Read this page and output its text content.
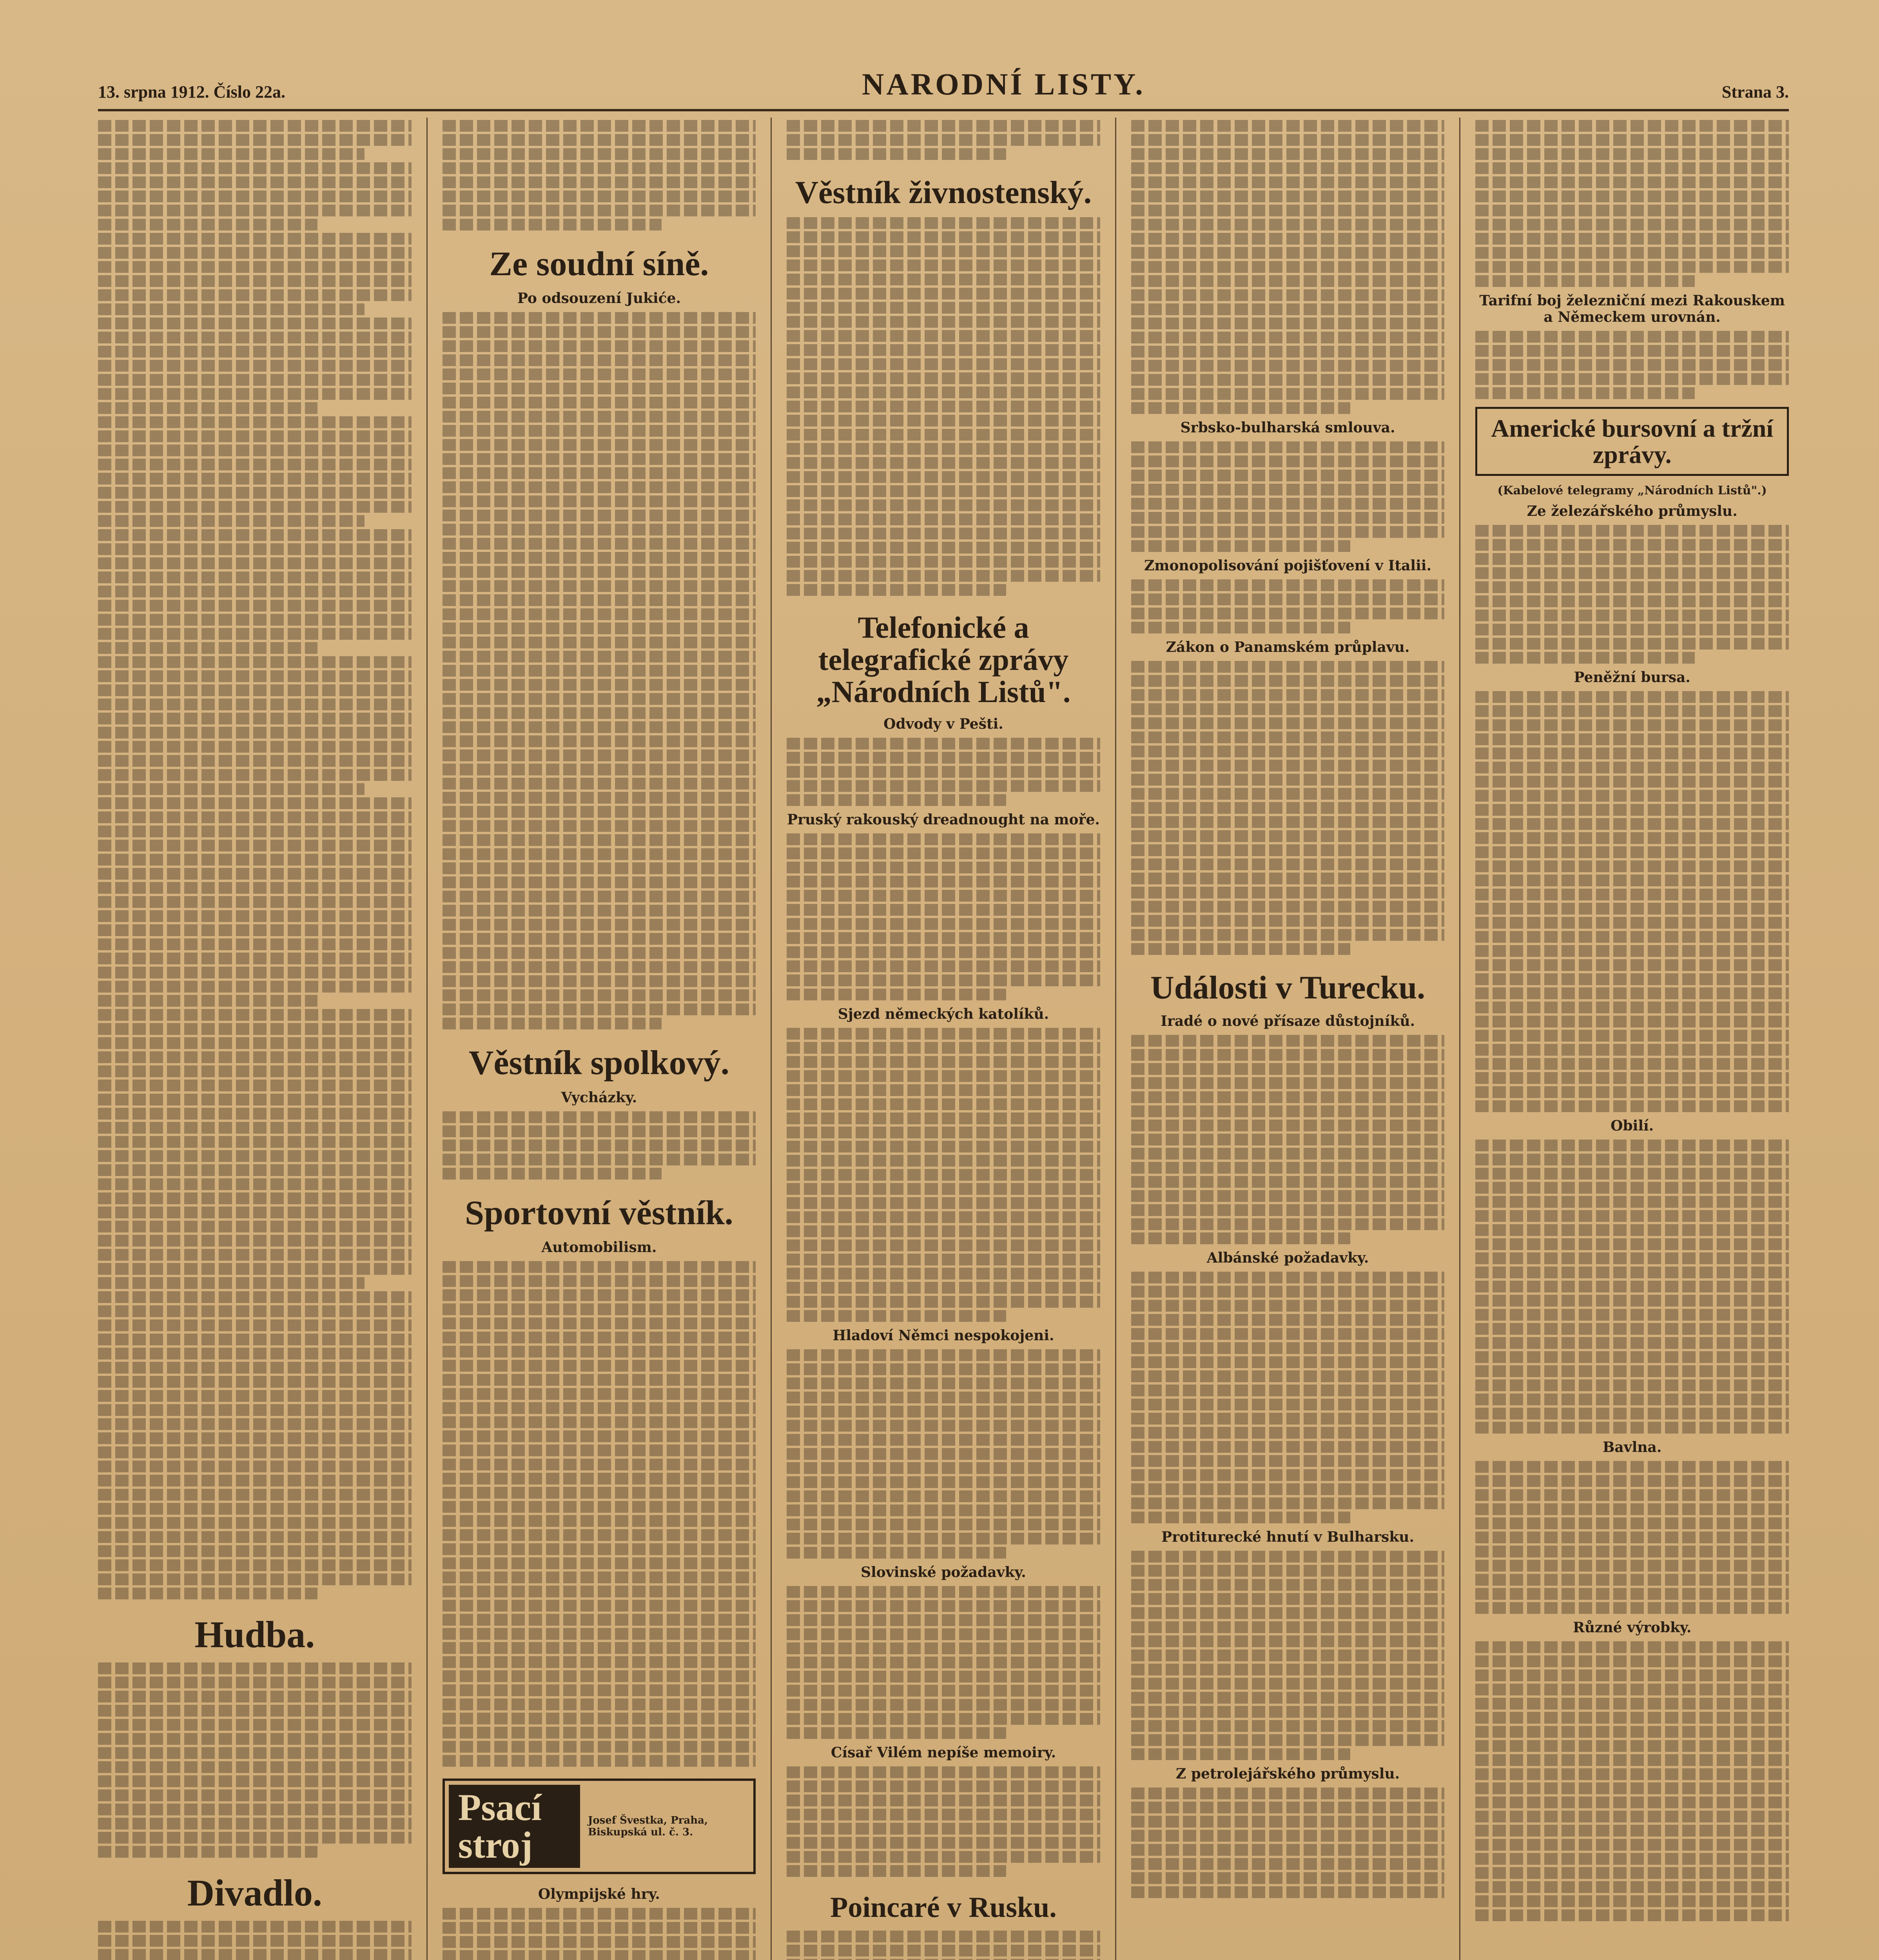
13. srpna 1912. Číslo 22a.	NARODNÍ LISTY.	Strana 3.
Hudba.
Divadlo.
Ze soudní síně.
Po odsouzení Jukiće.
Věstník spolkový.
Vycházky.
Sportovní věstník.
Automobilism.
Psací stroj
Josef Švestka, Praha, Biskupská ul. č. 3.
Olympijské hry.
Věstník živnostenský.
Telefonické a telegrafické zprávy „Národních Listů".
Odvody v Pešti.
Pruský rakouský dreadnought na moře.
Sjezd německých katolíků.
Hladoví Němci nespokojeni.
Slovinské požadavky.
Císař Vilém nepíše memoiry.
Poincaré v Rusku.
Srbsko-bulharská smlouva.
Zmonopolisování pojišťovení v Italii.
Zákon o Panamském průplavu.
Události v Turecku.
Iradé o nové přísaze důstojníků.
Albánské požadavky.
Protiturecké hnutí v Bulharsku.
Z petrolejářského průmyslu.
Tarifní boj železniční mezi Rakouskem a Německem urovnán.
Americké bursovní a tržní zprávy.
(Kabelové telegramy „Národních Listů".)
Ze železářského průmyslu.
Peněžní bursa.
Obilí.
Bavlna.
Různé výrobky.
